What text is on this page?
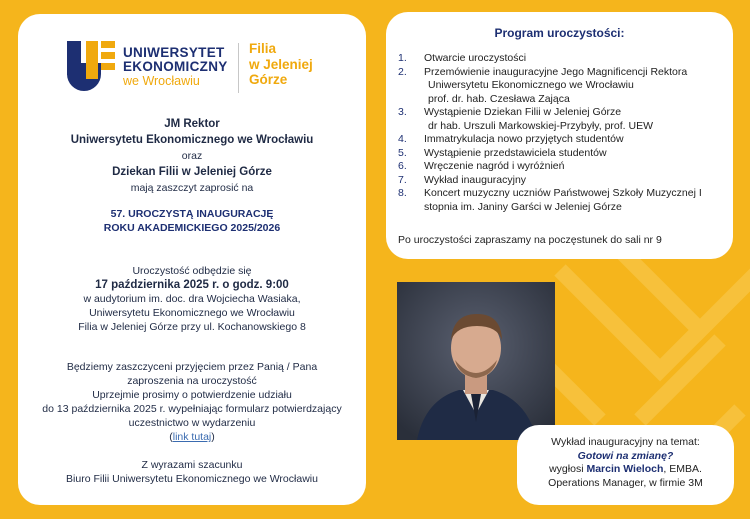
UNIWERSYTET
EKONOMICZNY
we Wrocławiu
Filia
w Jeleniej
Górze
JM Rektor
Uniwersytetu Ekonomicznego we Wrocławiu
oraz
Dziekan Filii w Jeleniej Górze
mają zaszczyt zaprosić na
57. UROCZYSTĄ INAUGURACJĘ
ROKU AKADEMICKIEGO 2025/2026
Uroczystość odbędzie się
17 października 2025 r. o godz. 9:00
w audytorium im. doc. dra Wojciecha Wasiaka,
Uniwersytetu Ekonomicznego we Wrocławiu
Filia w Jeleniej Górze przy ul. Kochanowskiego 8
Będziemy zaszczyceni przyjęciem przez Panią / Pana
zaproszenia na uroczystość
Uprzejmie prosimy o potwierdzenie udziału
do 13 października 2025 r. wypełniając formularz potwierdzający
uczestnictwo w wydarzeniu
(link tutaj)
Z wyrazami szacunku
Biuro Filii Uniwersytetu Ekonomicznego we Wrocławiu
Program uroczystości:
1. Otwarcie uroczystości
2. Przemówienie inauguracyjne Jego Magnificencji Rektora
Uniwersytetu Ekonomicznego we Wrocławiu
prof. dr. hab. Czesława Zająca
3. Wystąpienie Dziekan Filii w Jeleniej Górze
dr hab. Urszuli Markowskiej-Przybyły, prof. UEW
4. Immatrykulacja nowo przyjętych studentów
5. Wystąpienie przedstawiciela studentów
6. Wręczenie nagród i wyróżnień
7. Wykład inauguracyjny
8. Koncert muzyczny uczniów Państwowej Szkoły Muzycznej I
stopnia im. Janiny Garści w Jeleniej Górze
Po uroczystości zapraszamy na poczęstunek do sali nr 9
Wykład inauguracyjny na temat:
Gotowi na zmianę?
wygłosi Marcin Wieloch, EMBA.
Operations Manager, w firmie 3M
